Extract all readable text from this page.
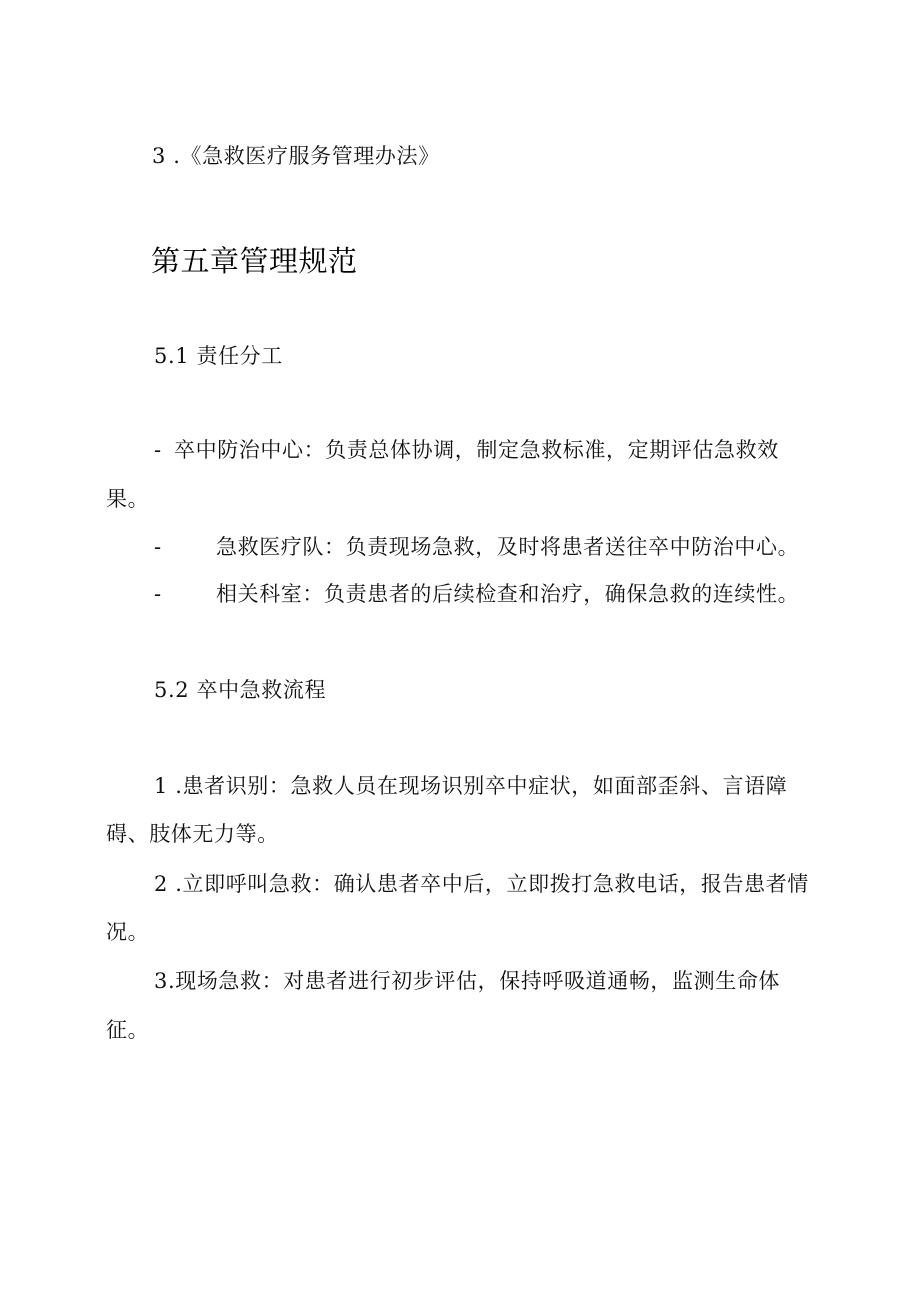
3 .《急救医疗服务管理办法》
第五章管理规范
5.1 责任分工
- 卒中防治中心：负责总体协调，制定急救标准，定期评估急救效
果。
-	急救医疗队：负责现场急救，及时将患者送往卒中防治中心。
-	相关科室：负责患者的后续检查和治疗，确保急救的连续性。
5.2 卒中急救流程
1 .患者识别：急救人员在现场识别卒中症状，如面部歪斜、言语障
碍、肢体无力等。
2 .立即呼叫急救：确认患者卒中后，立即拨打急救电话，报告患者情
况。
3.现场急救：对患者进行初步评估，保持呼吸道通畅，监测生命体
征。
